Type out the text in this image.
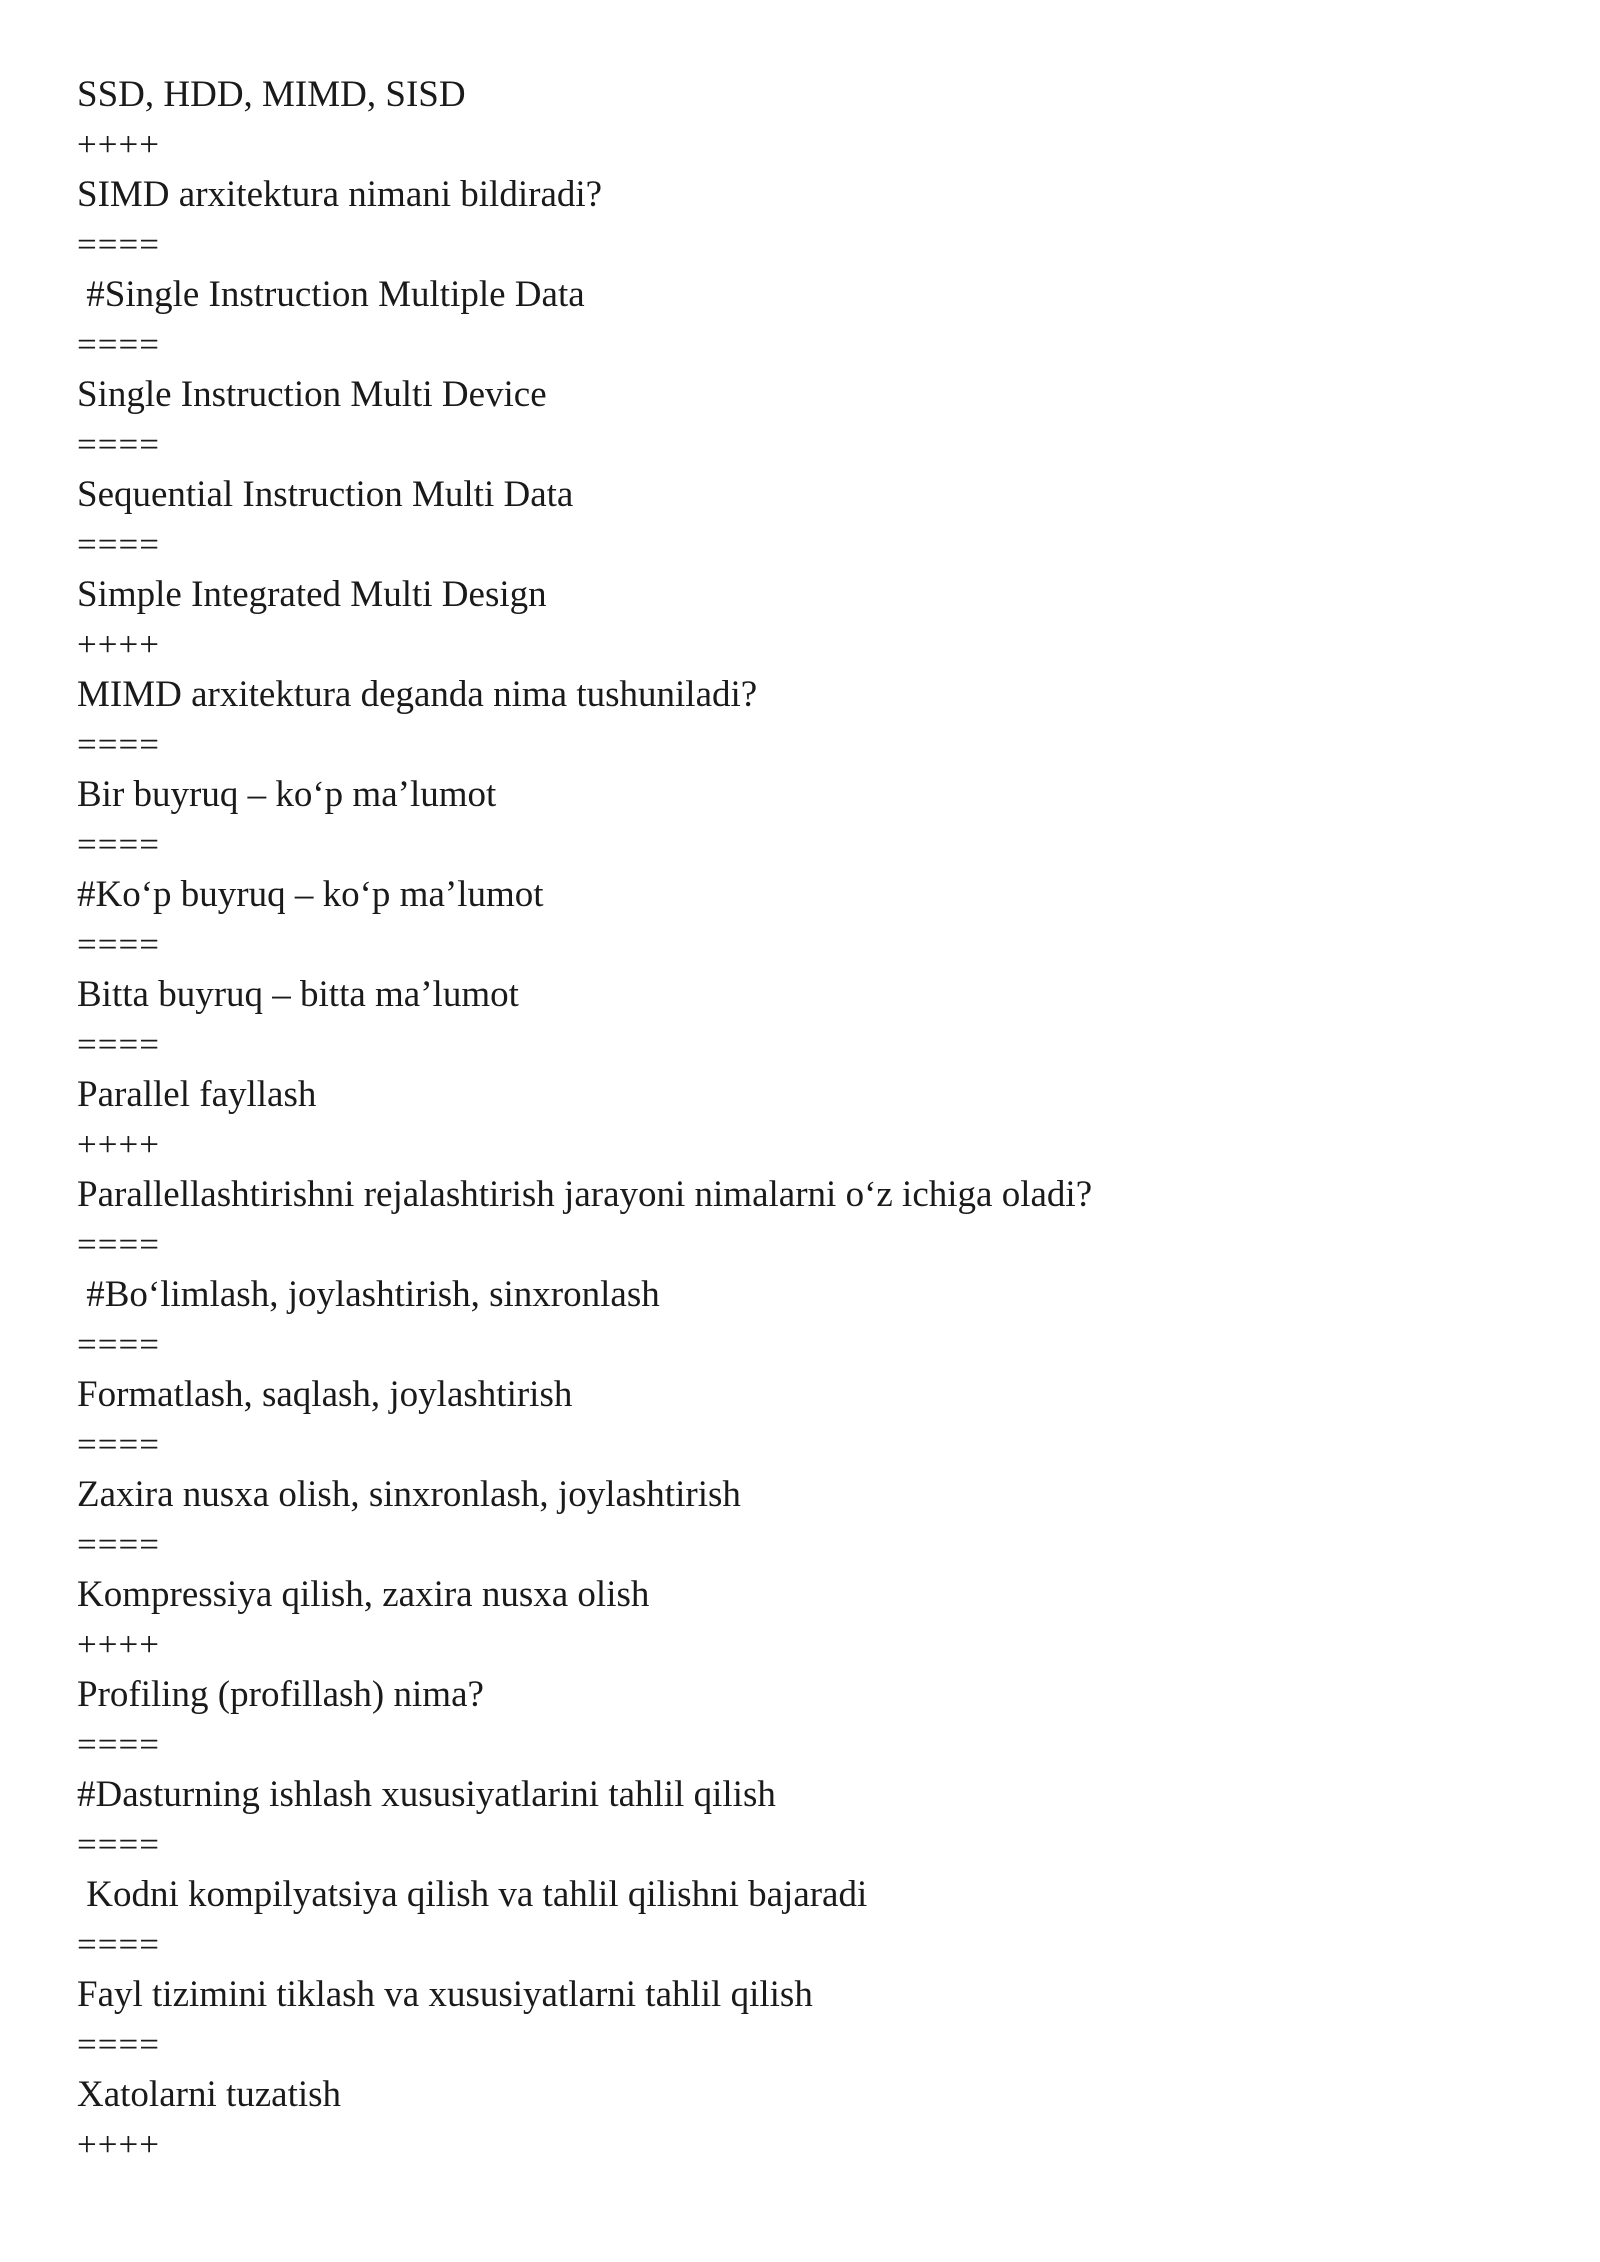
SSD, HDD, MIMD, SISD
++++
SIMD arxitektura nimani bildiradi?
====
#Single Instruction Multiple Data
====
Single Instruction Multi Device
====
Sequential Instruction Multi Data
====
Simple Integrated Multi Design
++++
MIMD arxitektura deganda nima tushuniladi?
====
Bir buyruq – koʻp ma’lumot
====
#Koʻp buyruq – koʻp ma’lumot
====
Bitta buyruq – bitta ma’lumot
====
Parallel fayllash
++++
Parallellashtirishni rejalashtirish jarayoni nimalarni oʻz ichiga oladi?
====
#Boʻlimlash, joylashtirish, sinxronlash
====
Formatlash, saqlash, joylashtirish
====
Zaxira nusxa olish, sinxronlash, joylashtirish
====
Kompressiya qilish, zaxira nusxa olish
++++
Profiling (profillash) nima?
====
#Dasturning ishlash xususiyatlarini tahlil qilish
====
Kodni kompilyatsiya qilish va tahlil qilishni bajaradi
====
Fayl tizimini tiklash va xususiyatlarni tahlil qilish
====
Xatolarni tuzatish
++++
